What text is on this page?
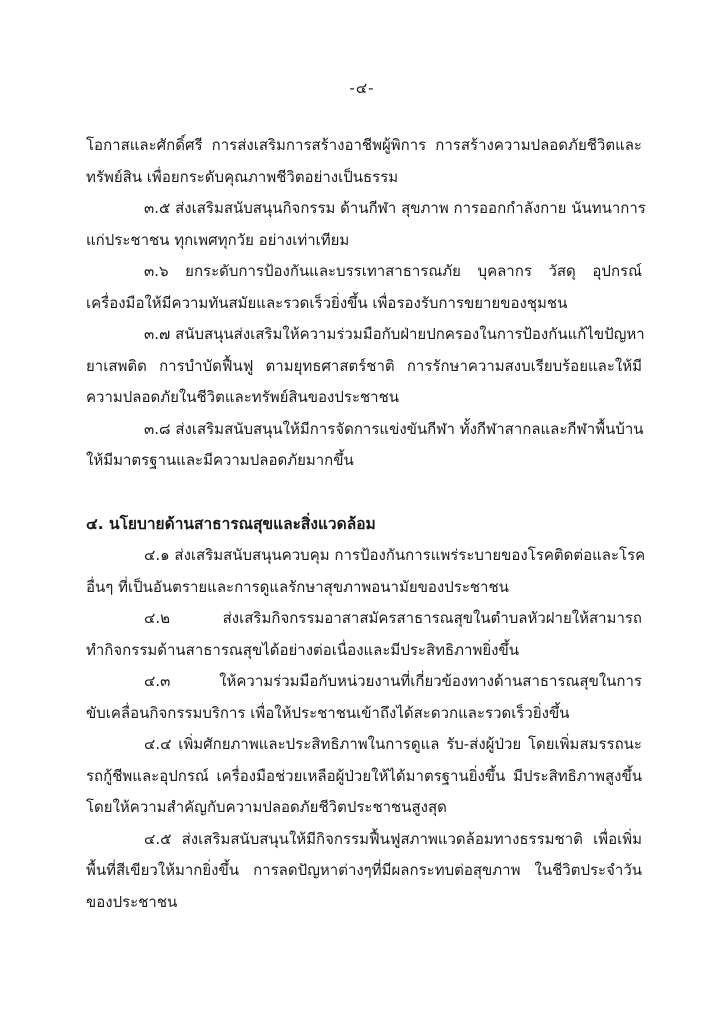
-๔-
โอกาสและศักดิ์ศรี การส่งเสริมการสร้างอาชีพผู้พิการ การสร้างความปลอดภัยชีวิตและ
ทรัพย์สิน เพื่อยกระดับคุณภาพชีวิตอย่างเป็นธรรม
๓.๕ ส่งเสริมสนับสนุนกิจกรรม ด้านกีฬา สุขภาพ การออกกำลังกาย นันทนาการ
แก่ประชาชน ทุกเพศทุกวัย อย่างเท่าเทียม
๓.๖ ยกระดับการป้องกันและบรรเทาสาธารณภัย บุคลากร วัสดุ อุปกรณ์
เครื่องมือให้มีความทันสมัยและรวดเร็วยิ่งขึ้น เพื่อรองรับการขยายของชุมชน
๓.๗ สนับสนุนส่งเสริมให้ความร่วมมือกับฝ่ายปกครองในการป้องกันแก้ไขปัญหา
ยาเสพติด การบำบัดฟื้นฟู ตามยุทธศาสตร์ชาติ การรักษาความสงบเรียบร้อยและให้มี
ความปลอดภัยในชีวิตและทรัพย์สินของประชาชน
๓.๘ ส่งเสริมสนับสนุนให้มีการจัดการแข่งขันกีฬา ทั้งกีฬาสากลและกีฬาพื้นบ้าน
ให้มีมาตรฐานและมีความปลอดภัยมากขึ้น
๔. นโยบายด้านสาธารณสุขและสิ่งแวดล้อม
๔.๑ ส่งเสริมสนับสนุนควบคุม การป้องกันการแพร่ระบายของโรคติดต่อและโรค
อื่นๆ ที่เป็นอันตรายและการดูแลรักษาสุขภาพอนามัยของประชาชน
๔.๒ ส่งเสริมกิจกรรมอาสาสมัครสาธารณสุขในตำบลหัวฝายให้สามารถ
ทำกิจกรรมด้านสาธารณสุขได้อย่างต่อเนื่องและมีประสิทธิภาพยิ่งขึ้น
๔.๓ ให้ความร่วมมือกับหน่วยงานที่เกี่ยวข้องทางด้านสาธารณสุขในการ
ขับเคลื่อนกิจกรรมบริการ เพื่อให้ประชาชนเข้าถึงได้สะดวกและรวดเร็วยิ่งขึ้น
๔.๔ เพิ่มศักยภาพและประสิทธิภาพในการดูแล รับ-ส่งผู้ป่วย โดยเพิ่มสมรรถนะ
รถกู้ชีพและอุปกรณ์ เครื่องมือช่วยเหลือผู้ป่วยให้ได้มาตรฐานยิ่งขึ้น มีประสิทธิภาพสูงขึ้น
โดยให้ความสำคัญกับความปลอดภัยชีวิตประชาชนสูงสุด
๔.๕ ส่งเสริมสนับสนุนให้มีกิจกรรมฟื้นฟูสภาพแวดล้อมทางธรรมชาติ เพื่อเพิ่ม
พื้นที่สีเขียวให้มากยิ่งขึ้น การลดปัญหาต่างๆที่มีผลกระทบต่อสุขภาพ ในชีวิตประจำวัน
ของประชาชน
